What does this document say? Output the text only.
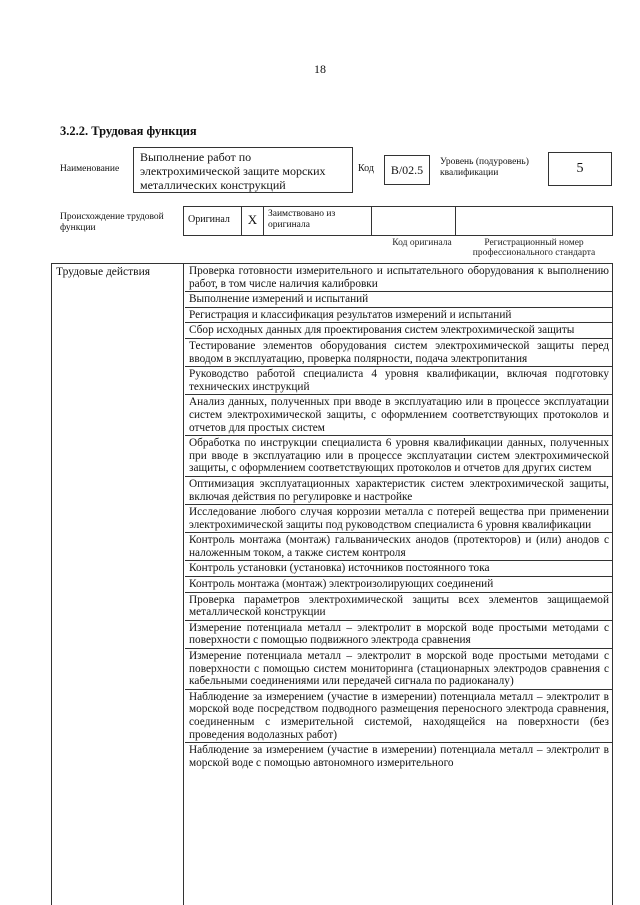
18
3.2.2. Трудовая функция
Наименование
Выполнение работ по электрохимической защите морских металлических конструкций
Код	B/02.5
Уровень (подуровень) квалификации	5
Происхождение трудовой функции
Оригинал	X	Заимствовано из оригинала
Код оригинала	Регистрационный номер профессионального стандарта
Трудовые действия	Проверка готовности измерительного и испытательного оборудования к выполнению работ, в том числе наличия калибровки
Выполнение измерений и испытаний
Регистрация и классификация результатов измерений и испытаний
Сбор исходных данных для проектирования систем электрохимической защиты
Тестирование элементов оборудования систем электрохимической защиты перед вводом в эксплуатацию, проверка полярности, подача электропитания
Руководство работой специалиста 4 уровня квалификации, включая подготовку технических инструкций
Анализ данных, полученных при вводе в эксплуатацию или в процессе эксплуатации систем электрохимической защиты, с оформлением соответствующих протоколов и отчетов для простых систем
Обработка по инструкции специалиста 6 уровня квалификации данных, полученных при вводе в эксплуатацию или в процессе эксплуатации систем электрохимической защиты, с оформлением соответствующих протоколов и отчетов для других систем
Оптимизация эксплуатационных характеристик систем электрохимической защиты, включая действия по регулировке и настройке
Исследование любого случая коррозии металла с потерей вещества при применении электрохимической защиты под руководством специалиста 6 уровня квалификации
Контроль монтажа (монтаж) гальванических анодов (протекторов) и (или) анодов с наложенным током, а также систем контроля
Контроль установки (установка) источников постоянного тока
Контроль монтажа (монтаж) электроизолирующих соединений
Проверка параметров электрохимической защиты всех элементов защищаемой металлической конструкции
Измерение потенциала металл – электролит в морской воде простыми методами с поверхности с помощью подвижного электрода сравнения
Измерение потенциала металл – электролит в морской воде простыми методами с поверхности с помощью систем мониторинга (стационарных электродов сравнения с кабельными соединениями или передачей сигнала по радиоканалу)
Наблюдение за измерением (участие в измерении) потенциала металл – электролит в морской воде посредством подводного размещения переносного электрода сравнения, соединенным с измерительной системой, находящейся на поверхности (без проведения водолазных работ)
Наблюдение за измерением (участие в измерении) потенциала металл – электролит в морской воде с помощью автономного измерительного
